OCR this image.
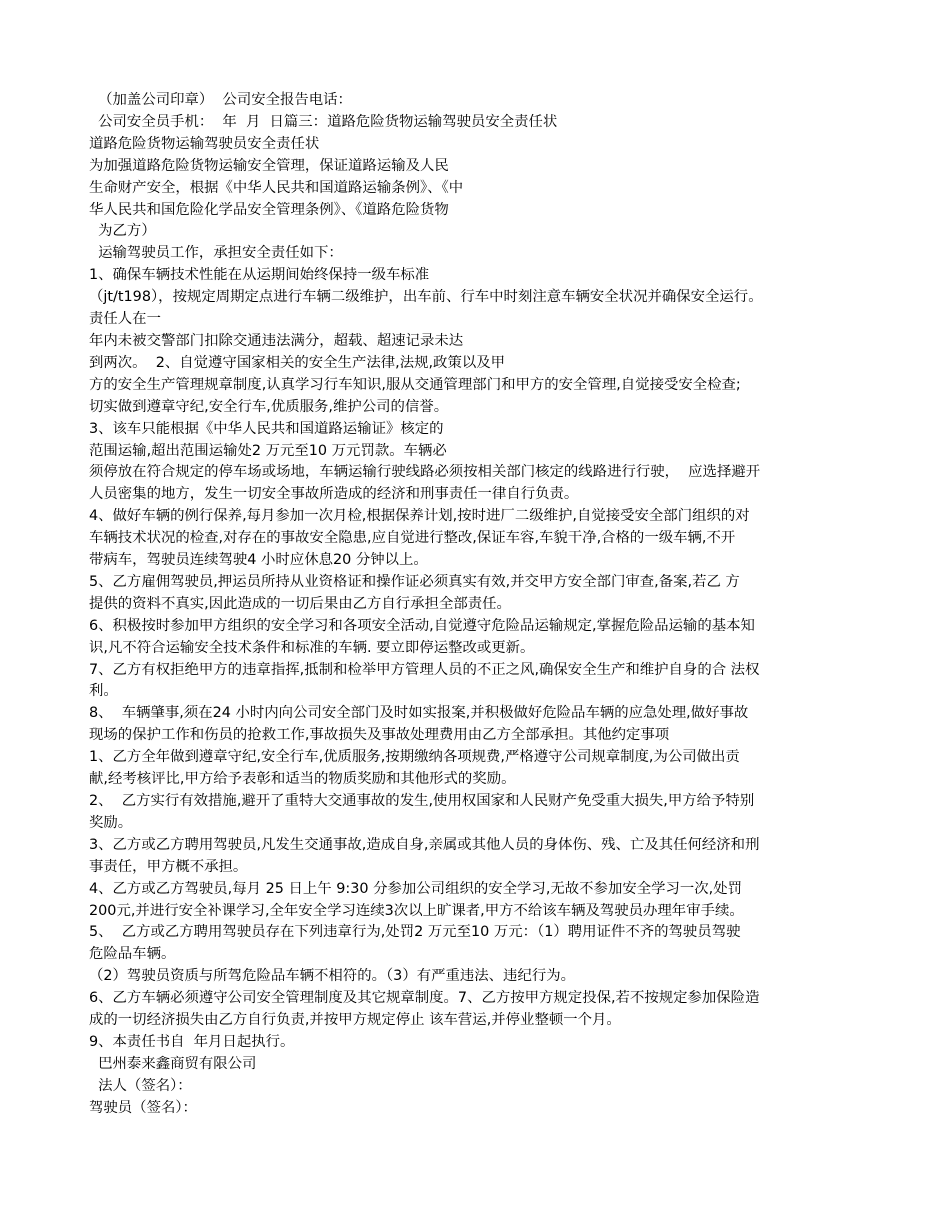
（加盖公司印章）  公司安全报告电话：
公司安全员手机：  年  月  日篇三：道路危险货物运输驾驶员安全责任状
道路危险货物运输驾驶员安全责任状
为加强道路危险货物运输安全管理，保证道路运输及人民
生命财产安全，根据《中华人民共和国道路运输条例》、《中
华人民共和国危险化学品安全管理条例》、《道路危险货物
为乙方）
运输驾驶员工作，承担安全责任如下：
1、确保车辆技术性能在从运期间始终保持一级车标准
（jt/t198），按规定周期定点进行车辆二级维护，出车前、行车中时刻注意车辆安全状况并确保安全运行。
责任人在一
年内未被交警部门扣除交通违法满分，超载、超速记录未达
到两次。  2、自觉遵守国家相关的安全生产法律,法规,政策以及甲
方的安全生产管理规章制度,认真学习行车知识,服从交通管理部门和甲方的安全管理,自觉接受安全检查;
切实做到遵章守纪,安全行车,优质服务,维护公司的信誉。
3、该车只能根据《中华人民共和国道路运输证》核定的
范围运输,超出范围运输处2 万元至10 万元罚款。车辆必
须停放在符合规定的停车场或场地，车辆运输行驶线路必须按相关部门核定的线路进行行驶，  应选择避开
人员密集的地方，发生一切安全事故所造成的经济和刑事责任一律自行负责。
4、做好车辆的例行保养,每月参加一次月检,根据保养计划,按时进厂二级维护,自觉接受安全部门组织的对
车辆技术状况的检查,对存在的事故安全隐患,应自觉进行整改,保证车容,车貌干净,合格的一级车辆,不开
带病车，驾驶员连续驾驶4 小时应休息20 分钟以上。
5、乙方雇佣驾驶员,押运员所持从业资格证和操作证必须真实有效,并交甲方安全部门审查,备案,若乙 方
提供的资料不真实,因此造成的一切后果由乙方自行承担全部责任。
6、积极按时参加甲方组织的安全学习和各项安全活动,自觉遵守危险品运输规定,掌握危险品运输的基本知
识,凡不符合运输安全技术条件和标准的车辆. 要立即停运整改或更新。
7、乙方有权拒绝甲方的违章指挥,抵制和检举甲方管理人员的不正之风,确保安全生产和维护自身的合 法权
利。
8、  车辆肇事,须在24 小时内向公司安全部门及时如实报案,并积极做好危险品车辆的应急处理,做好事故
现场的保护工作和伤员的抢救工作,事故损失及事故处理费用由乙方全部承担。其他约定事项
1、乙方全年做到遵章守纪,安全行车,优质服务,按期缴纳各项规费,严格遵守公司规章制度,为公司做出贡
献,经考核评比,甲方给予表彰和适当的物质奖励和其他形式的奖励。
2、  乙方实行有效措施,避开了重特大交通事故的发生,使用权国家和人民财产免受重大损失,甲方给予特别
奖励。
3、乙方或乙方聘用驾驶员,凡发生交通事故,造成自身,亲属或其他人员的身体伤、残、亡及其任何经济和刑
事责任，甲方概不承担。
4、乙方或乙方驾驶员,每月 25 日上午 9:30 分参加公司组织的安全学习,无故不参加安全学习一次,处罚
200元,并进行安全补课学习,全年安全学习连续3次以上旷课者,甲方不给该车辆及驾驶员办理年审手续。
5、  乙方或乙方聘用驾驶员存在下列违章行为,处罚2 万元至10 万元：（1）聘用证件不齐的驾驶员驾驶
危险品车辆。
（2）驾驶员资质与所驾危险品车辆不相符的。（3）有严重违法、违纪行为。
6、乙方车辆必须遵守公司安全管理制度及其它规章制度。7、乙方按甲方规定投保,若不按规定参加保险造
成的一切经济损失由乙方自行负责,并按甲方规定停止 该车营运,并停业整顿一个月。
9、本责任书自  年月日起执行。
巴州泰来鑫商贸有限公司
法人（签名）：
驾驶员（签名）：
